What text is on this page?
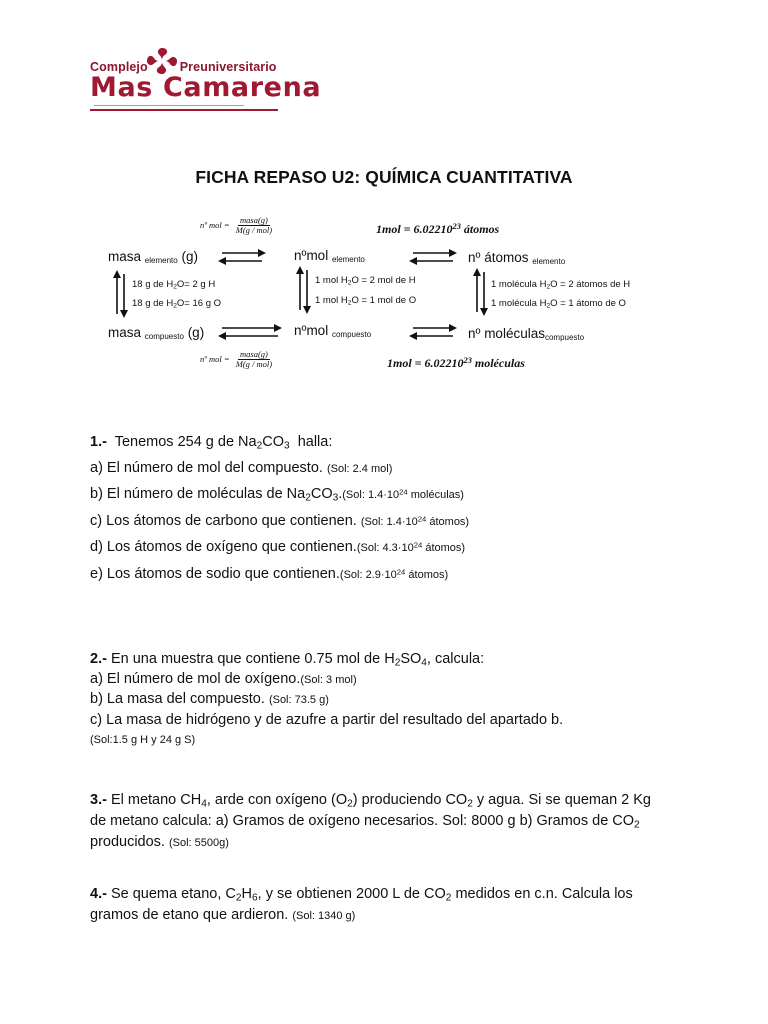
Complejo	Preuniversitario
Mas Camarena
FICHA REPASO U2: QUÍMICA CUANTITATIVA
nº mol = $\frac{\text{masa(g)}}{\text{M(g / mol)}}$	$1mol = 6.02210^{23}$ átomos
masa $_{elemento}$ (g)	nºmol $_{elemento}$	nº átomos $_{elemento}$
18 g de $H_2O= 2$ g H
18 g de $H_2O= 16$ g O
1 mol $H_2O = 2$ mol de H
1 mol $H_2O = 1$ mol de O
1 molécula $H_2O = 2$ átomos de H
1 molécula $H_2O = 1$ átomo de O
masa $_{compuesto}$ (g)	nºmol $_{compuesto}$	nº moléculas$_{compuesto}$
nº mol = $\frac{\text{masa(g)}}{\text{M(g / mol)}}$	$1mol = 6.02210^{23}$ moléculas
1.- Tenemos 254 g de $Na_2CO_3$ halla:
a) El número de mol del compuesto. (Sol: 2.4 mol)
b) El número de moléculas de $Na_2CO_3.(Sol$: $1.4\cdot 10^{24}$ moléculas)
c) Los átomos de carbono que contienen. (Sol: $1.4\cdot 10^{24}$ átomos)
d) Los átomos de oxígeno que contienen.(Sol: $4.3\cdot 10^{24}$ átomos)
e) Los átomos de sodio que contienen.(Sol: $2.9\cdot 10^{24}$ átomos)
2.- En una muestra que contiene 0.75 mol de $H_2SO_4$, calcula:
a) El número de mol de oxígeno.(Sol: 3 mol)
b) La masa del compuesto. (Sol: 73.5 g)
c) La masa de hidrógeno y de azufre a partir del resultado del apartado b.
(Sol:1.5 g H y 24 g S)
3.- El metano $CH_4$, arde con oxígeno $(O_2)$ produciendo $CO_2$ y agua. Si se queman 2 Kg
de metano calcula: a) Gramos de oxígeno necesarios. Sol: 8000 g b) Gramos de $CO_2$
producidos. (Sol: 5500g)
4.- Se quema etano, $C_2H_6$, y se obtienen 2000 L de $CO_2$ medidos en c.n. Calcula los
gramos de etano que ardieron. (Sol: 1340 g)
